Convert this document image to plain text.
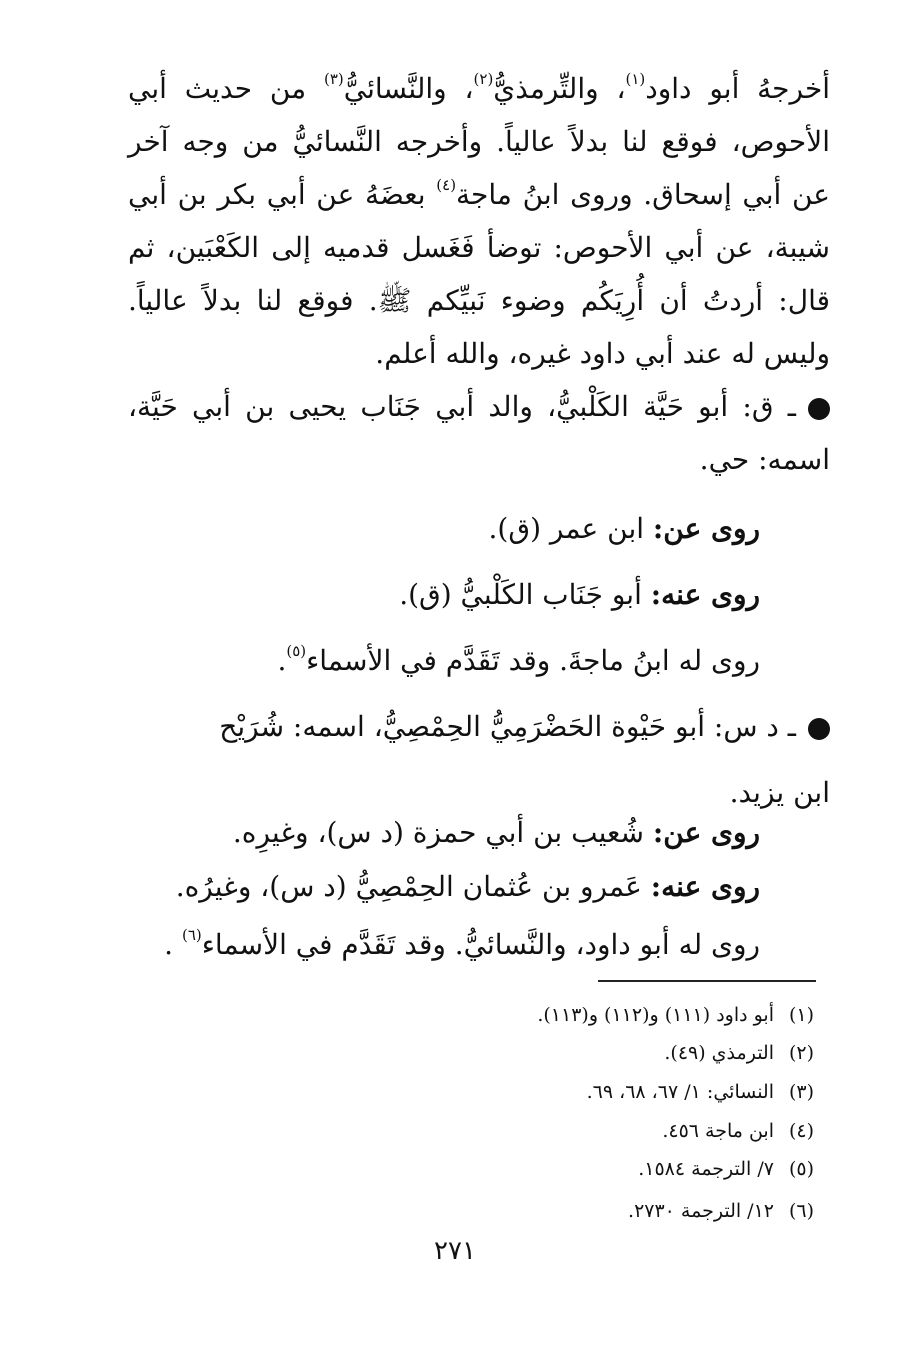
أخرجهُ أبو داود$^{(١)}$، والتِّرمذيُّ$^{(٢)}$، والنَّسائيُّ$^{(٣)}$ من حديث أبي الأحوص، فوقع لنا بدلاً عالياً. وأخرجه النَّسائيُّ من وجه آخر عن أبي إسحاق. وروى ابنُ ماجة$^{(٤)}$ بعضَهُ عن أبي بكر بن أبي شيبة، عن أبي الأحوص: توضأ فَغَسل قدميه إلى الكَعْبَين، ثم قال: أردتُ أن أُرِيَكُم وضوء نَبيِّكم ﷺ. فوقع لنا بدلاً عالياً. وليس له عند أبي داود غيره، والله أعلم.
ـ ق: أبو حَيَّة الكَلْبيُّ، والد أبي جَنَاب يحيى بن أبي حَيَّة، اسمه: حي.
روى عن: ابن عمر (ق).
روى عنه: أبو جَنَاب الكَلْبيُّ (ق).
روى له ابنُ ماجةَ. وقد تَقَدَّم في الأسماء$^{(٥)}$.
ـ د س: أبو حَيْوة الحَضْرَمِيُّ الحِمْصِيُّ، اسمه: شُرَيْح
ابن يزيد.
روى عن: شُعيب بن أبي حمزة (د س)، وغيرِه.
روى عنه: عَمرو بن عُثمان الحِمْصِيُّ (د س)، وغيرُه.
روى له أبو داود، والنَّسائيُّ. وقد تَقَدَّم في الأسماء$^{(٦)}$ .
(١)أبو داود (١١١) و(١١٢) و(١١٣).
(٢)الترمذي (٤٩).
(٣)النسائي: ١/ ٦٧، ٦٨، ٦٩.
(٤)ابن ماجة ٤٥٦.
(٥)٧/ الترجمة ١٥٨٤.
(٦)١٢/ الترجمة ٢٧٣٠.
٢٧١
